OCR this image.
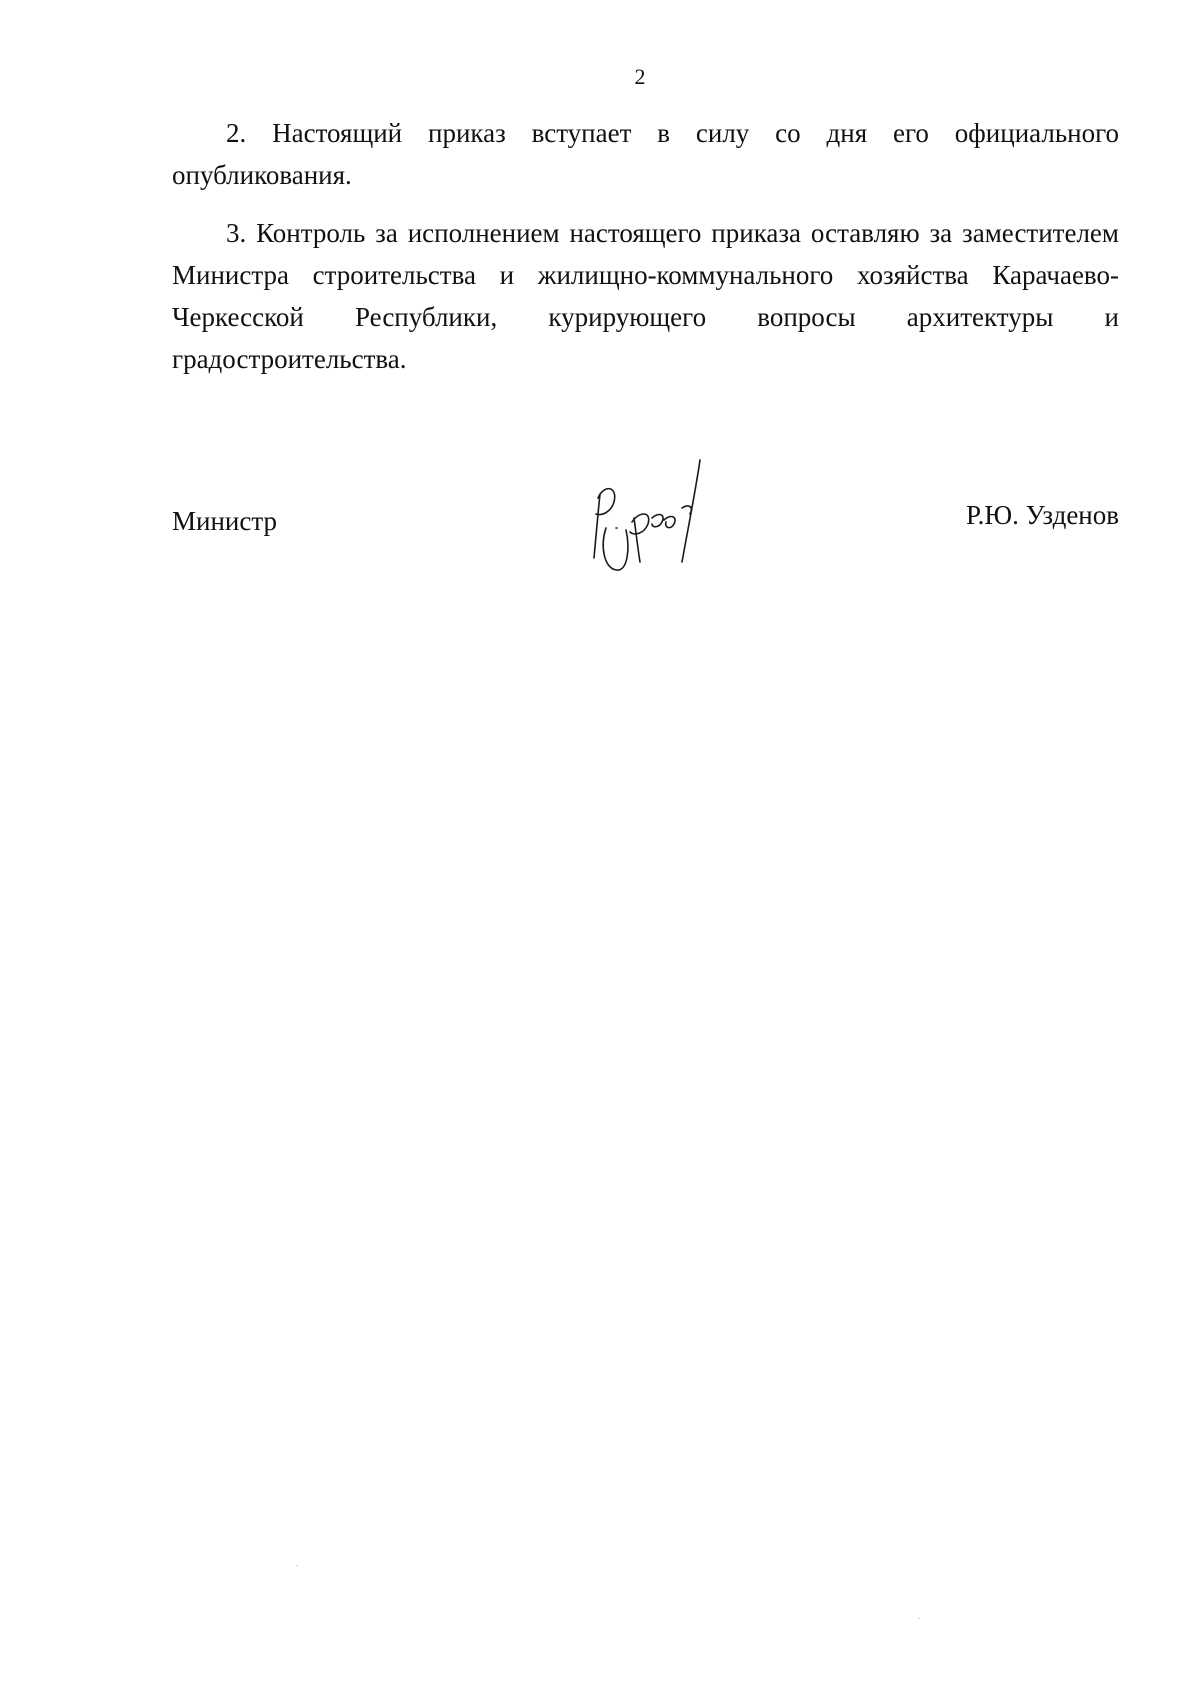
2

2. Настоящий приказ вступает в силу со дня его официального опубликования.

3. Контроль за исполнением настоящего приказа оставляю за заместителем Министра строительства и жилищно-коммунального хозяйства Карачаево-Черкесской Республики, курирующего вопросы архитектуры и градостроительства.

Министр	Р.Ю. Узденов
